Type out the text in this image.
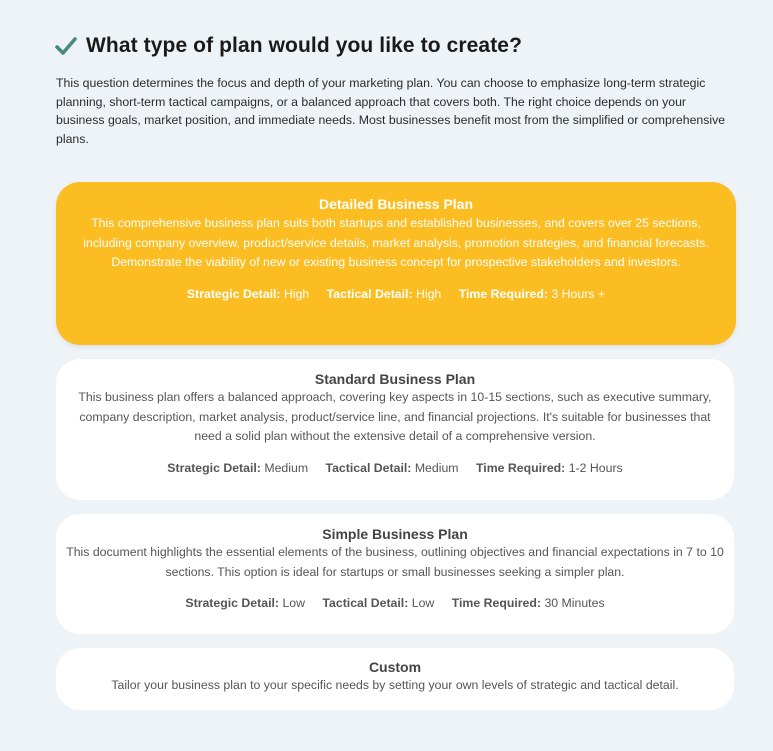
What type of plan would you like to create?
This question determines the focus and depth of your marketing plan. You can choose to emphasize long-term strategic planning, short-term tactical campaigns, or a balanced approach that covers both. The right choice depends on your business goals, market position, and immediate needs. Most businesses benefit most from the simplified or comprehensive plans.
Detailed Business Plan
This comprehensive business plan suits both startups and established businesses, and covers over 25 sections, including company overview, product/service details, market analysis, promotion strategies, and financial forecasts. Demonstrate the viability of new or existing business concept for prospective stakeholders and investors.
Strategic Detail: High Tactical Detail: High Time Required: 3 Hours +
Standard Business Plan
This business plan offers a balanced approach, covering key aspects in 10-15 sections, such as executive summary, company description, market analysis, product/service line, and financial projections. It's suitable for businesses that need a solid plan without the extensive detail of a comprehensive version.
Strategic Detail: Medium Tactical Detail: Medium Time Required: 1-2 Hours
Simple Business Plan
This document highlights the essential elements of the business, outlining objectives and financial expectations in 7 to 10 sections. This option is ideal for startups or small businesses seeking a simpler plan.
Strategic Detail: Low Tactical Detail: Low Time Required: 30 Minutes
Custom
Tailor your business plan to your specific needs by setting your own levels of strategic and tactical detail.
